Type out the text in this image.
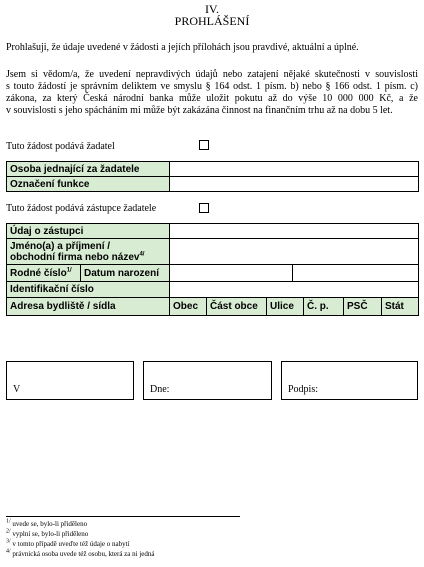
IV.
PROHLÁŠENÍ
Prohlašuji, že údaje uvedené v žádosti a jejích přílohách jsou pravdivé, aktuální a úplné.
Jsem si vědom/a, že uvedení nepravdivých údajů nebo zatajení nějaké skutečnosti v souvislosti
s touto žádostí je správním deliktem ve smyslu § 164 odst. 1 písm. b) nebo § 166 odst. 1 písm. c)
zákona, za který Česká národní banka může uložit pokutu až do výše 10 000 000 Kč, a že
v souvislosti s jeho spácháním mi může být zakázána činnost na finančním trhu až na dobu 5 let.
Tuto žádost podává žadatel
Osoba jednající za žadatele	
Označení funkce	
Tuto žádost podává zástupce žadatele
Údaj o zástupci	

Jméno(a) a příjmení /
obchodní firma nebo název$^{4/}$

Rodné číslo$^{1/}$	Datum narození		
Identifikační číslo	
Adresa bydliště / sídla	Obec	Část obce	Ulice	Č. p.	PSČ	Stát
V	Dne:	Podpis:
$^{1/}$ uvede se, bylo-li přiděleno
$^{2/}$ vyplní se, bylo-li přiděleno
$^{3/}$ v tomto případě uveďte též údaje o nabytí
$^{4/}$ právnická osoba uvede též osobu, která za ni jedná
